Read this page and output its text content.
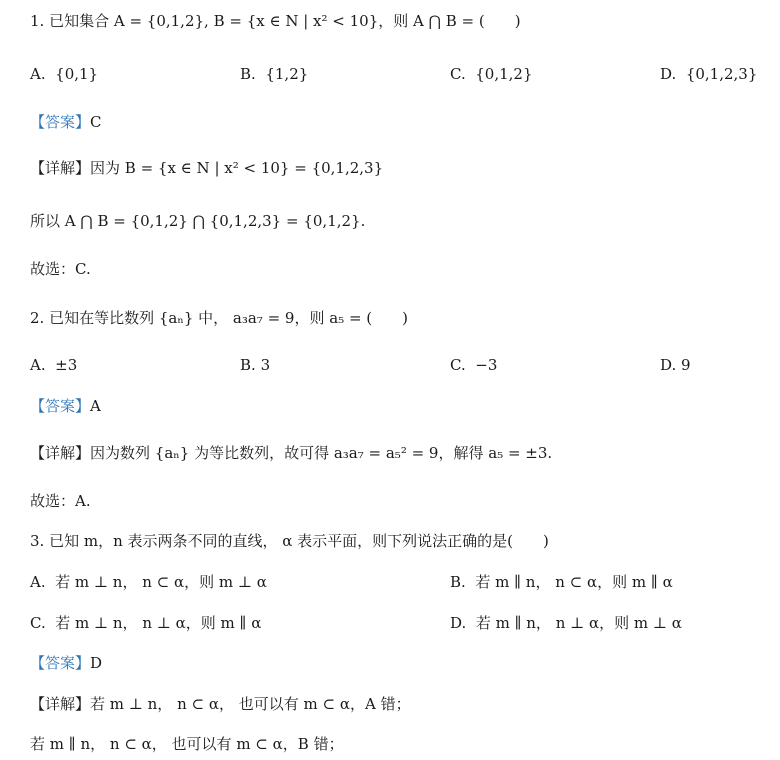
1. 已知集合 A = {0,1,2}, B = {x ∈ N | x² < 10}，则 A ⋂ B = (　　)
A. {0,1}	B. {1,2}	C. {0,1,2}	D. {0,1,2,3}
【答案】C
【详解】因为 B = {x ∈ N | x² < 10} = {0,1,2,3}
所以 A ⋂ B = {0,1,2} ⋂ {0,1,2,3} = {0,1,2}.
故选：C.
2. 已知在等比数列 {aₙ} 中， a₃a₇ = 9，则 a₅ = (　　)
A. ±3	B. 3	C. −3	D. 9
【答案】A
【详解】因为数列 {aₙ} 为等比数列，故可得 a₃a₇ = a₅² = 9，解得 a₅ = ±3.
故选：A.
3. 已知 m，n 表示两条不同的直线， α 表示平面，则下列说法正确的是(　　)
A. 若 m ⊥ n， n ⊂ α，则 m ⊥ α	B. 若 m ∥ n， n ⊂ α，则 m ∥ α
C. 若 m ⊥ n， n ⊥ α，则 m ∥ α	D. 若 m ∥ n， n ⊥ α，则 m ⊥ α
【答案】D
【详解】若 m ⊥ n， n ⊂ α， 也可以有 m ⊂ α，A 错；
若 m ∥ n， n ⊂ α， 也可以有 m ⊂ α，B 错；
